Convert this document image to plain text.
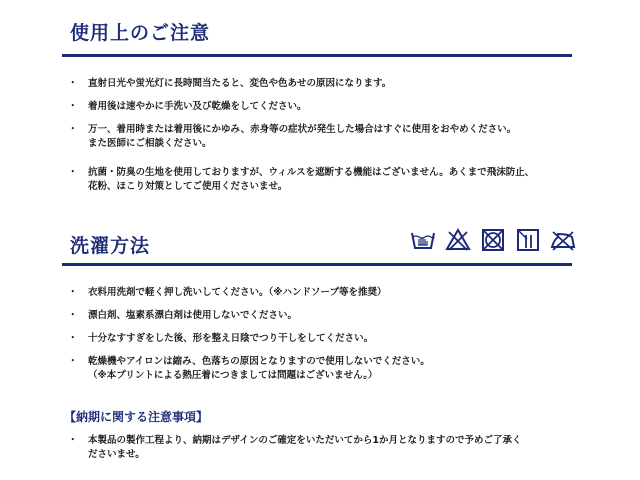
使用上のご注意
・ 直射日光や蛍光灯に長時間当たると、変色や色あせの原因になります。
・ 着用後は速やかに手洗い及び乾燥をしてください。
・ 万一、着用時または着用後にかゆみ、赤身等の症状が発生した場合はすぐに使用をおやめください。
また医師にご相談ください。
・ 抗菌・防臭の生地を使用しておりますが、ウィルスを遮断する機能はございません。あくまで飛沫防止、
花粉、ほこり対策としてご使用くださいませ。
洗濯方法
・ 衣料用洗剤で軽く押し洗いしてください。（※ハンドソープ等を推奨）
・ 漂白剤、塩素系漂白剤は使用しないでください。
・ 十分なすすぎをした後、形を整え日陰でつり干しをしてください。
・ 乾燥機やアイロンは縮み、色落ちの原因となりますので使用しないでください。
（※本プリントによる熱圧着につきましては問題はございません。）
【納期に関する注意事項】
・ 本製品の製作工程より、納期はデザインのご確定をいただいてから1か月となりますので予めご了承く
ださいませ。
